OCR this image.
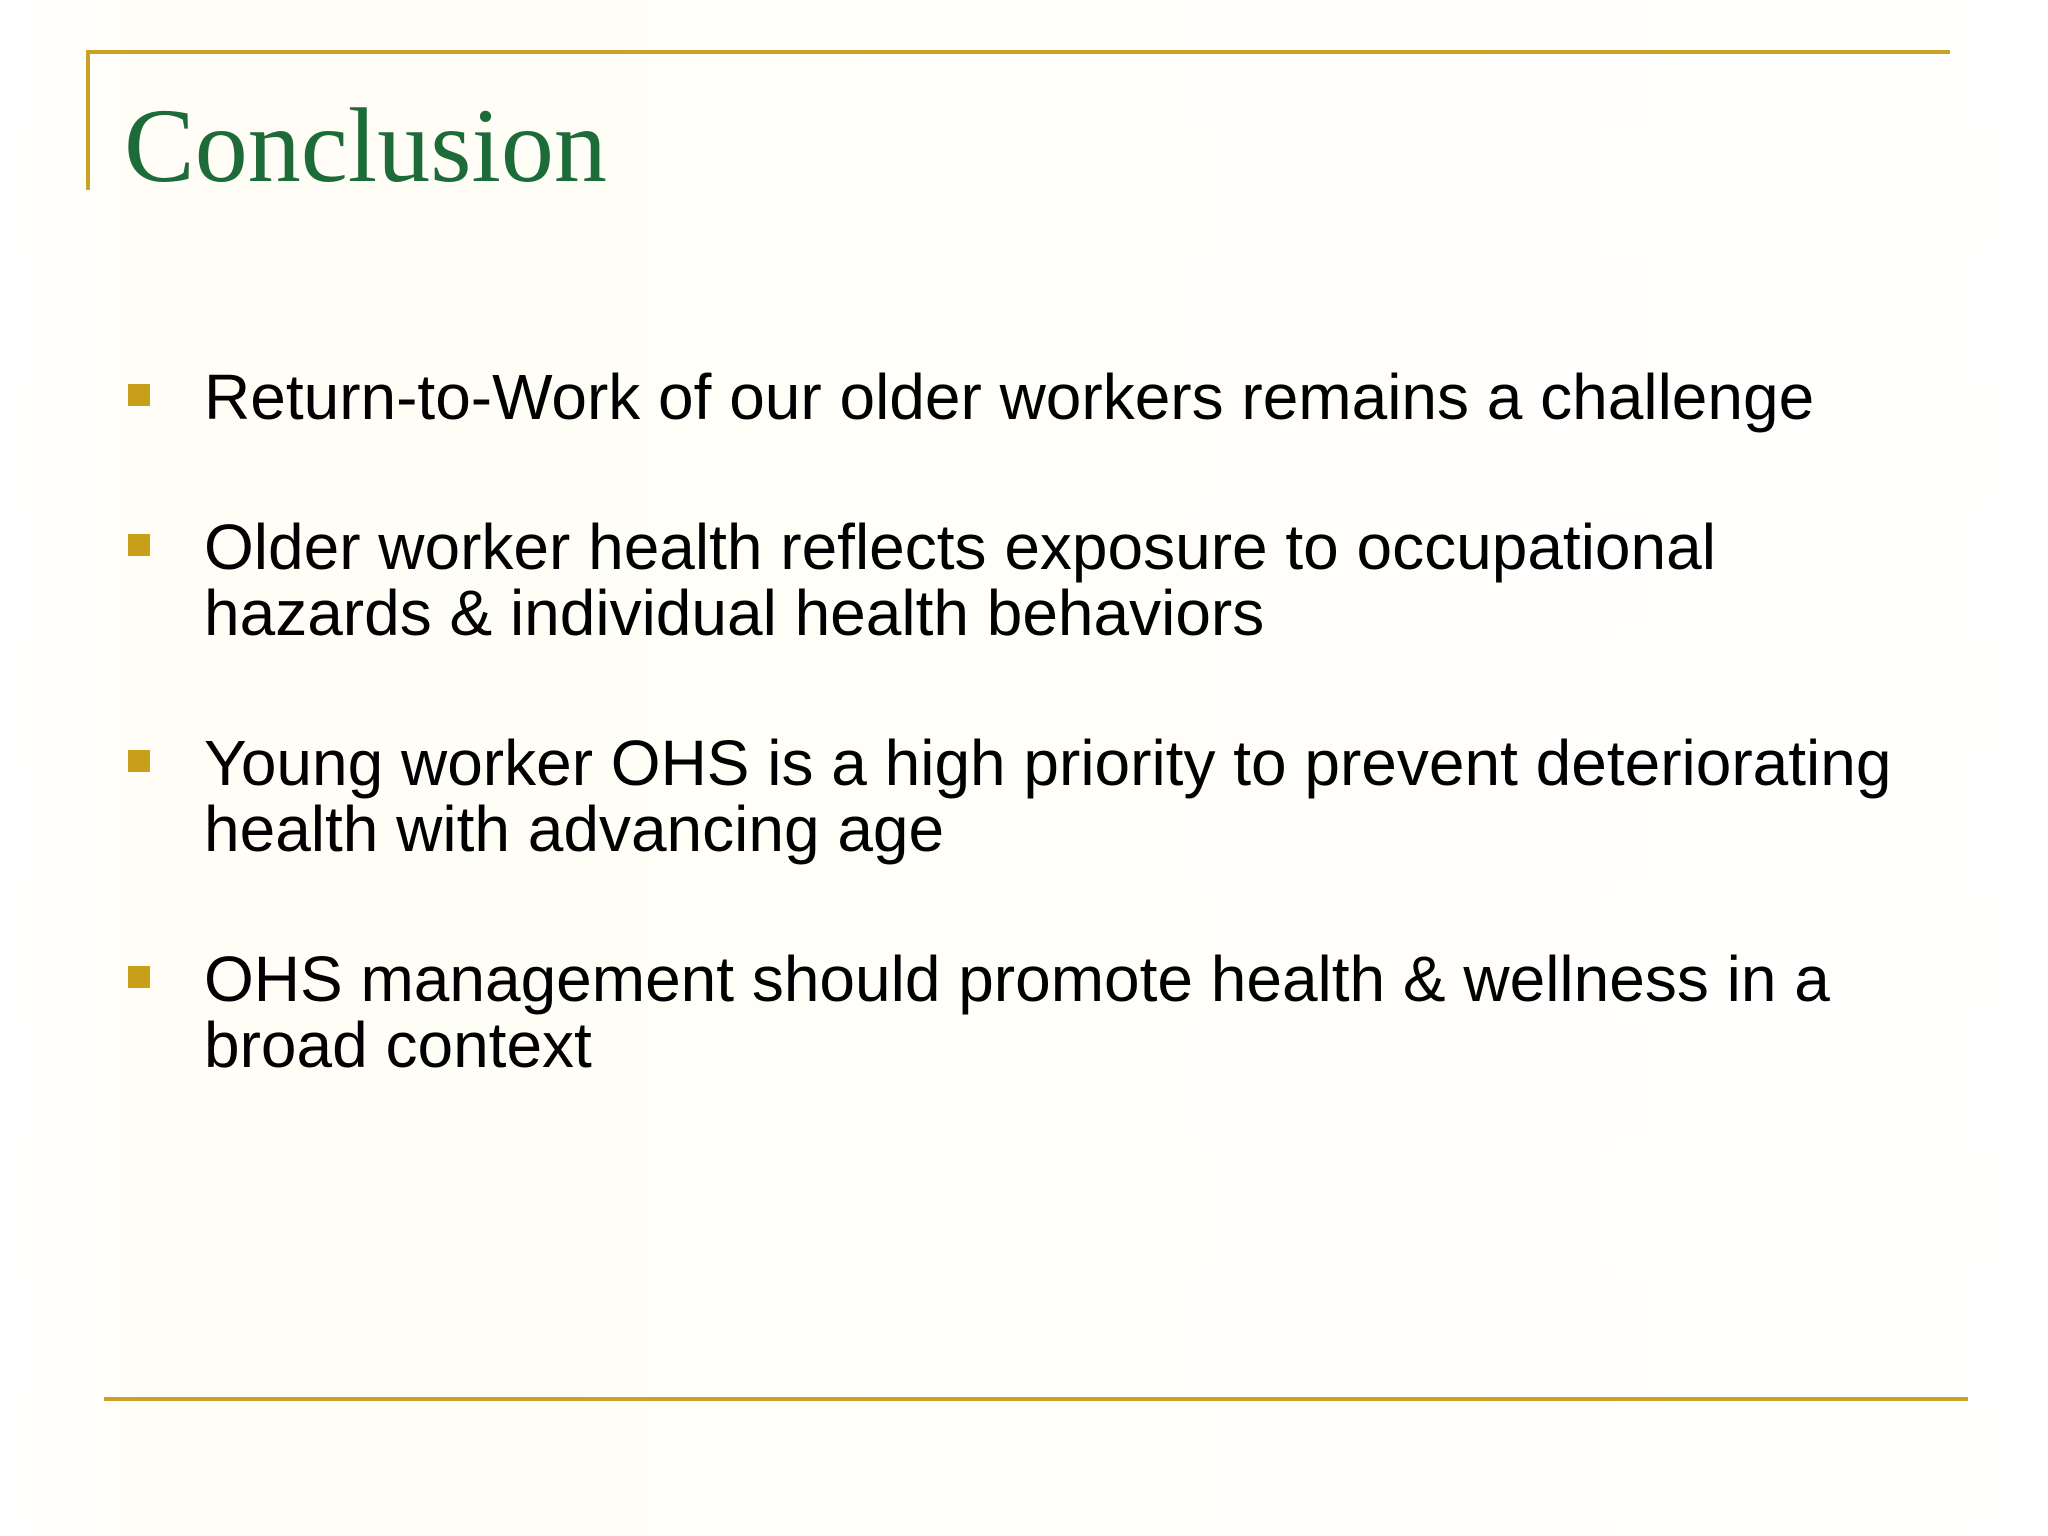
Conclusion
Return-to-Work of our older workers remains a challenge
Older worker health reflects exposure to occupational hazards & individual health behaviors
Young worker OHS is a high priority to prevent deteriorating health with advancing age
OHS management should promote health & wellness in a broad context
